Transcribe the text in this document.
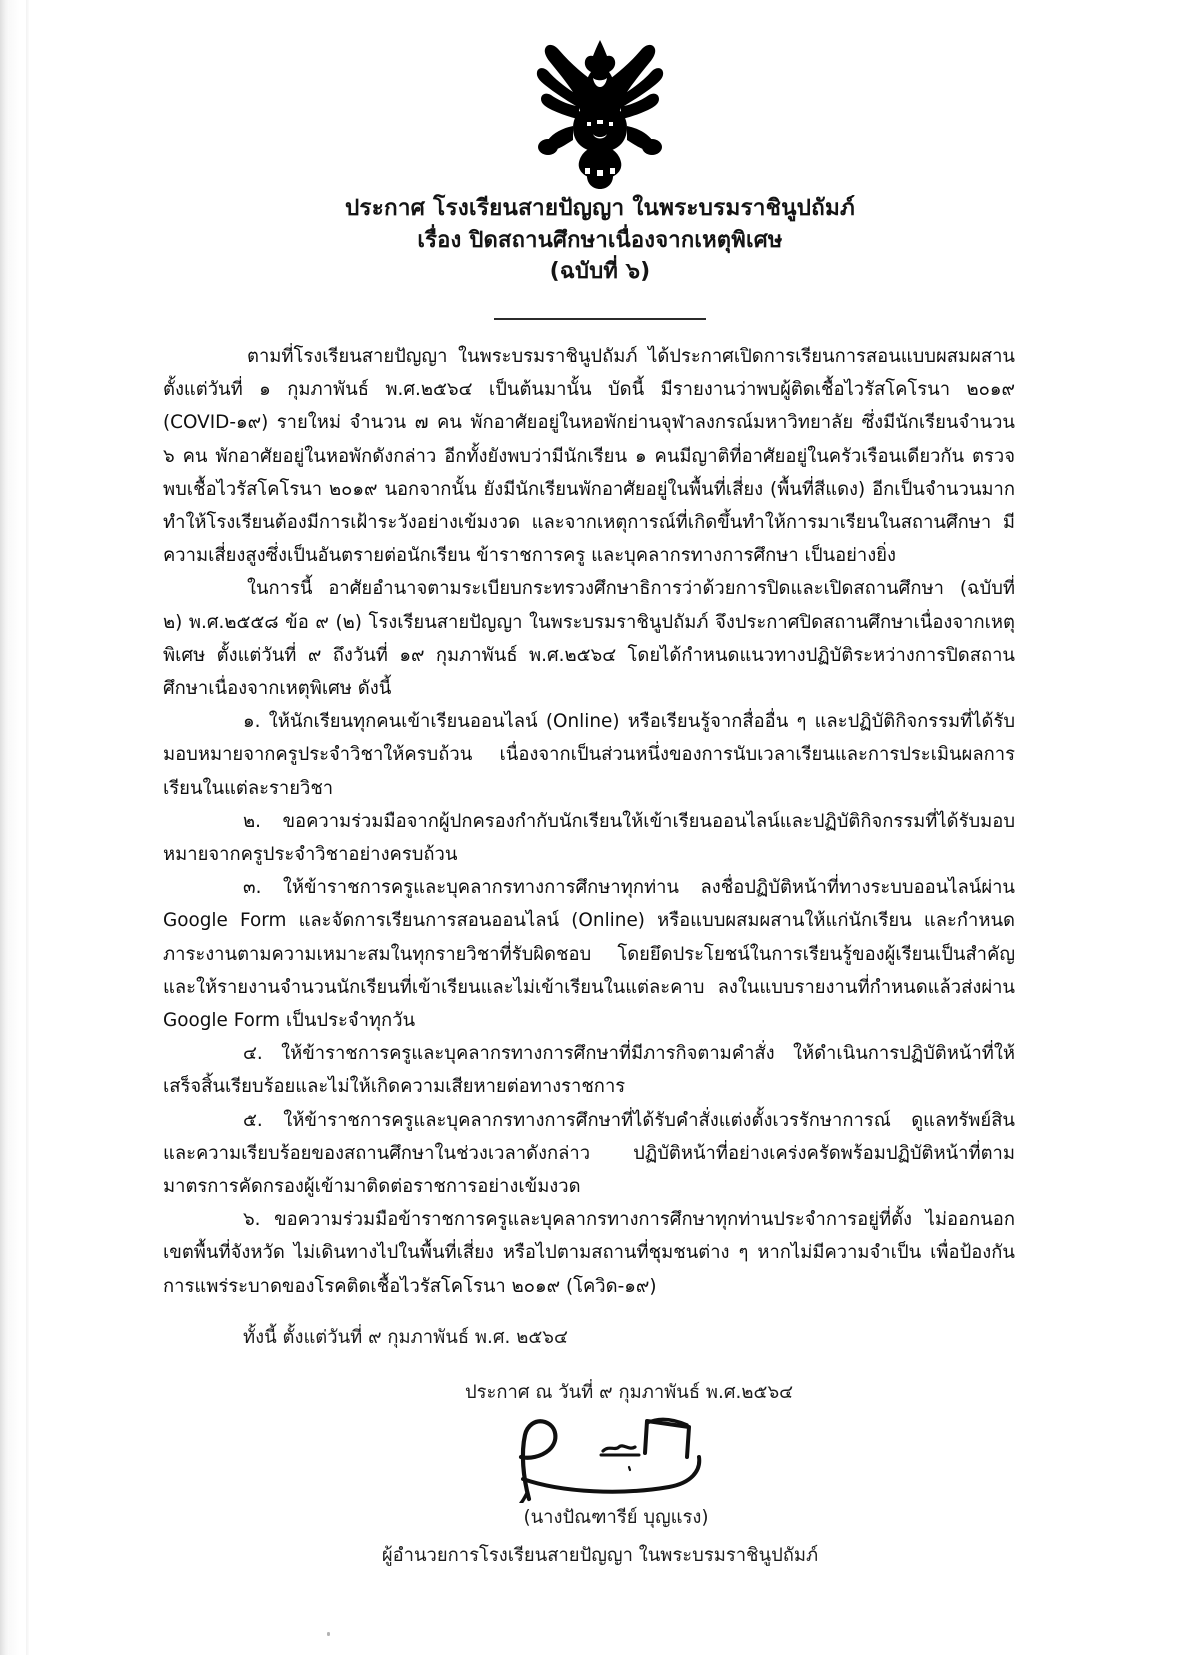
ประกาศ โรงเรียนสายปัญญา ในพระบรมราชินูปถัมภ์
เรื่อง ปิดสถานศึกษาเนื่องจากเหตุพิเศษ
(ฉบับที่ ๖)

ตามที่โรงเรียนสายปัญญา ในพระบรมราชินูปถัมภ์ ได้ประกาศเปิดการเรียนการสอนแบบผสมผสาน ตั้งแต่วันที่ ๑ กุมภาพันธ์ พ.ศ.๒๕๖๔ เป็นต้นมานั้น บัดนี้ มีรายงานว่าพบผู้ติดเชื้อไวรัสโคโรนา ๒๐๑๙ (COVID-๑๙) รายใหม่ จำนวน ๗ คน พักอาศัยอยู่ในหอพักย่านจุฬาลงกรณ์มหาวิทยาลัย ซึ่งมีนักเรียนจำนวน ๖ คน พักอาศัยอยู่ในหอพักดังกล่าว อีกทั้งยังพบว่ามีนักเรียน ๑ คนมีญาติที่อาศัยอยู่ในครัวเรือนเดียวกัน ตรวจพบเชื้อไวรัสโคโรนา ๒๐๑๙ นอกจากนั้น ยังมีนักเรียนพักอาศัยอยู่ในพื้นที่เสี่ยง (พื้นที่สีแดง) อีกเป็นจำนวนมาก ทำให้โรงเรียนต้องมีการเฝ้าระวังอย่างเข้มงวด และจากเหตุการณ์ที่เกิดขึ้นทำให้การมาเรียนในสถานศึกษา มีความเสี่ยงสูงซึ่งเป็นอันตรายต่อนักเรียน ข้าราชการครู และบุคลากรทางการศึกษา เป็นอย่างยิ่ง

ในการนี้ อาศัยอำนาจตามระเบียบกระทรวงศึกษาธิการว่าด้วยการปิดและเปิดสถานศึกษา (ฉบับที่ ๒) พ.ศ.๒๕๕๘ ข้อ ๙ (๒) โรงเรียนสายปัญญา ในพระบรมราชินูปถัมภ์ จึงประกาศปิดสถานศึกษาเนื่องจากเหตุพิเศษ ตั้งแต่วันที่ ๙ ถึงวันที่ ๑๙ กุมภาพันธ์ พ.ศ.๒๕๖๔ โดยได้กำหนดแนวทางปฏิบัติระหว่างการปิดสถานศึกษาเนื่องจากเหตุพิเศษ ดังนี้

๑. ให้นักเรียนทุกคนเข้าเรียนออนไลน์ (Online) หรือเรียนรู้จากสื่ออื่น ๆ และปฏิบัติกิจกรรมที่ได้รับมอบหมายจากครูประจำวิชาให้ครบถ้วน เนื่องจากเป็นส่วนหนึ่งของการนับเวลาเรียนและการประเมินผลการเรียนในแต่ละรายวิชา

๒. ขอความร่วมมือจากผู้ปกครองกำกับนักเรียนให้เข้าเรียนออนไลน์และปฏิบัติกิจกรรมที่ได้รับมอบหมายจากครูประจำวิชาอย่างครบถ้วน

๓. ให้ข้าราชการครูและบุคลากรทางการศึกษาทุกท่าน ลงชื่อปฏิบัติหน้าที่ทางระบบออนไลน์ผ่าน Google Form และจัดการเรียนการสอนออนไลน์ (Online) หรือแบบผสมผสานให้แก่นักเรียน และกำหนดภาระงานตามความเหมาะสมในทุกรายวิชาที่รับผิดชอบ โดยยึดประโยชน์ในการเรียนรู้ของผู้เรียนเป็นสำคัญ และให้รายงานจำนวนนักเรียนที่เข้าเรียนและไม่เข้าเรียนในแต่ละคาบ ลงในแบบรายงานที่กำหนดแล้วส่งผ่าน Google Form เป็นประจำทุกวัน

๔. ให้ข้าราชการครูและบุคลากรทางการศึกษาที่มีภารกิจตามคำสั่ง ให้ดำเนินการปฏิบัติหน้าที่ให้เสร็จสิ้นเรียบร้อยและไม่ให้เกิดความเสียหายต่อทางราชการ

๕. ให้ข้าราชการครูและบุคลากรทางการศึกษาที่ได้รับคำสั่งแต่งตั้งเวรรักษาการณ์ ดูแลทรัพย์สินและความเรียบร้อยของสถานศึกษาในช่วงเวลาดังกล่าว ปฏิบัติหน้าที่อย่างเคร่งครัดพร้อมปฏิบัติหน้าที่ตามมาตรการคัดกรองผู้เข้ามาติดต่อราชการอย่างเข้มงวด

๖. ขอความร่วมมือข้าราชการครูและบุคลากรทางการศึกษาทุกท่านประจำการอยู่ที่ตั้ง ไม่ออกนอกเขตพื้นที่จังหวัด ไม่เดินทางไปในพื้นที่เสี่ยง หรือไปตามสถานที่ชุมชนต่าง ๆ หากไม่มีความจำเป็น เพื่อป้องกันการแพร่ระบาดของโรคติดเชื้อไวรัสโคโรนา ๒๐๑๙ (โควิด-๑๙)

ทั้งนี้ ตั้งแต่วันที่ ๙ กุมภาพันธ์ พ.ศ. ๒๕๖๔

ประกาศ ณ วันที่ ๙ กุมภาพันธ์ พ.ศ.๒๕๖๔
(นางปัณฑารีย์ บุญแรง)
ผู้อำนวยการโรงเรียนสายปัญญา ในพระบรมราชินูปถัมภ์
